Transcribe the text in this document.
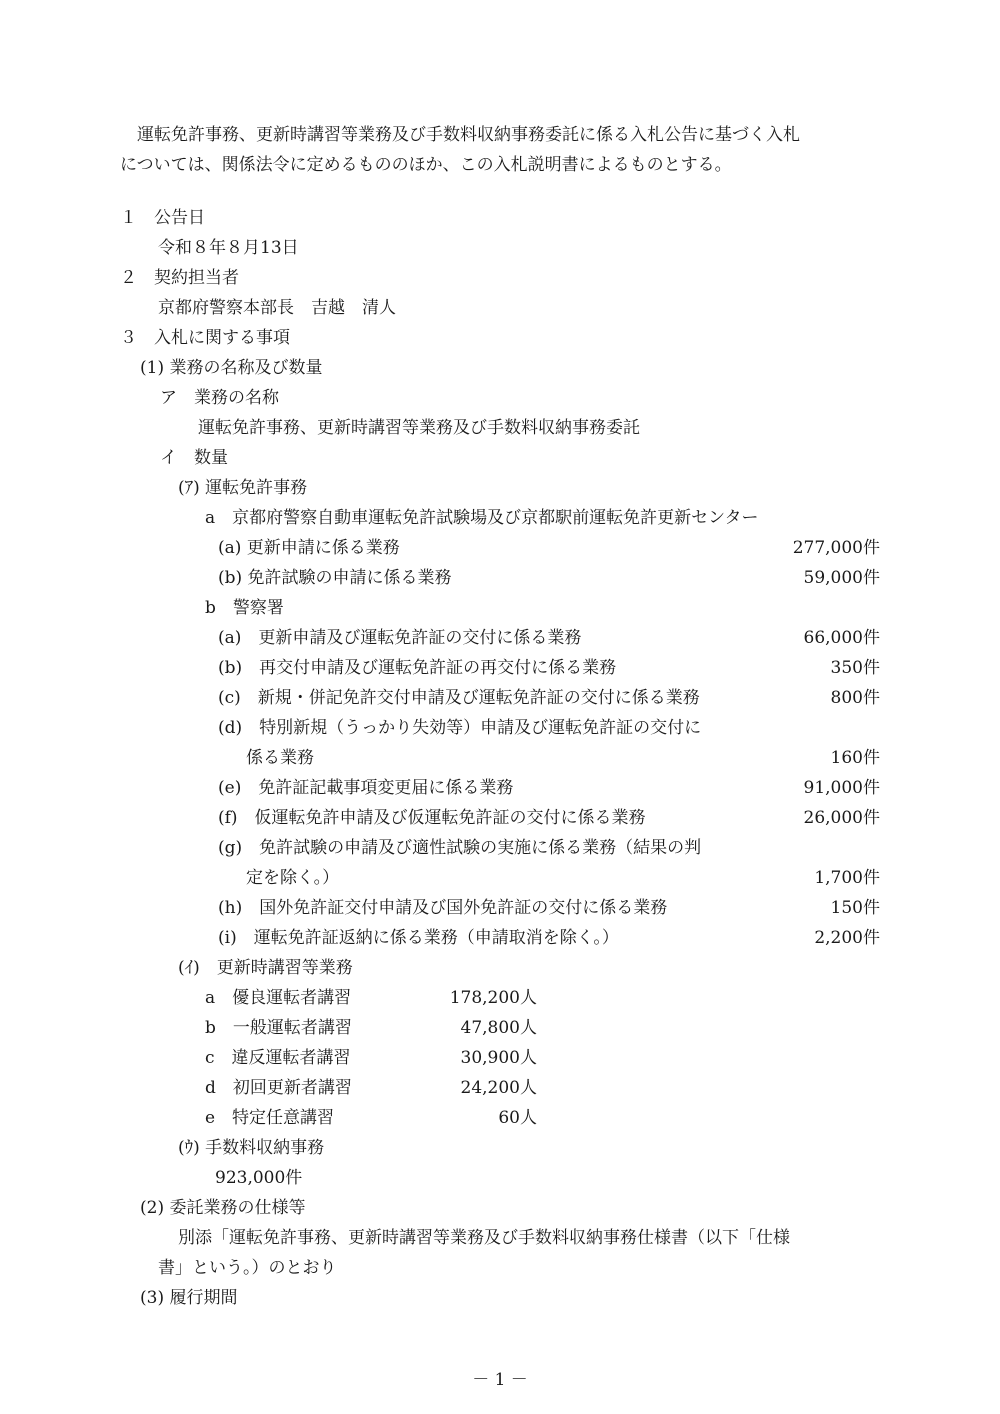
　運転免許事務、更新時講習等業務及び手数料収納事務委託に係る入札公告に基づく入札

については、関係法令に定めるもののほか、この入札説明書によるものとする。

１　公告日
令和８年８月13日
２　契約担当者
京都府警察本部長　吉越　清人
３　入札に関する事項
(1) 業務の名称及び数量
ア　業務の名称
運転免許事務、更新時講習等業務及び手数料収納事務委託
イ　数量
(ｱ) 運転免許事務
a　京都府警察自動車運転免許試験場及び京都駅前運転免許更新センター
(a) 更新申請に係る業務	277,000件
(b) 免許試験の申請に係る業務	59,000件
b　警察署
(a)　更新申請及び運転免許証の交付に係る業務	66,000件
(b)　再交付申請及び運転免許証の再交付に係る業務	350件
(c)　新規・併記免許交付申請及び運転免許証の交付に係る業務	800件
(d)　特別新規（うっかり失効等）申請及び運転免許証の交付に
係る業務	160件
(e)　免許証記載事項変更届に係る業務	91,000件
(f)　仮運転免許申請及び仮運転免許証の交付に係る業務	26,000件
(g)　免許試験の申請及び適性試験の実施に係る業務（結果の判
定を除く。）	1,700件
(h)　国外免許証交付申請及び国外免許証の交付に係る業務	150件
(i)　運転免許証返納に係る業務（申請取消を除く。）	2,200件
(ｲ)　更新時講習等業務
a　優良運転者講習	178,200人
b　一般運転者講習	47,800人
c　違反運転者講習	30,900人
d　初回更新者講習	24,200人
e　特定任意講習	60人
(ｳ) 手数料収納事務
923,000件
(2) 委託業務の仕様等
別添「運転免許事務、更新時講習等業務及び手数料収納事務仕様書（以下「仕様
書」という。）のとおり
(3) 履行期間
－ 1 －
